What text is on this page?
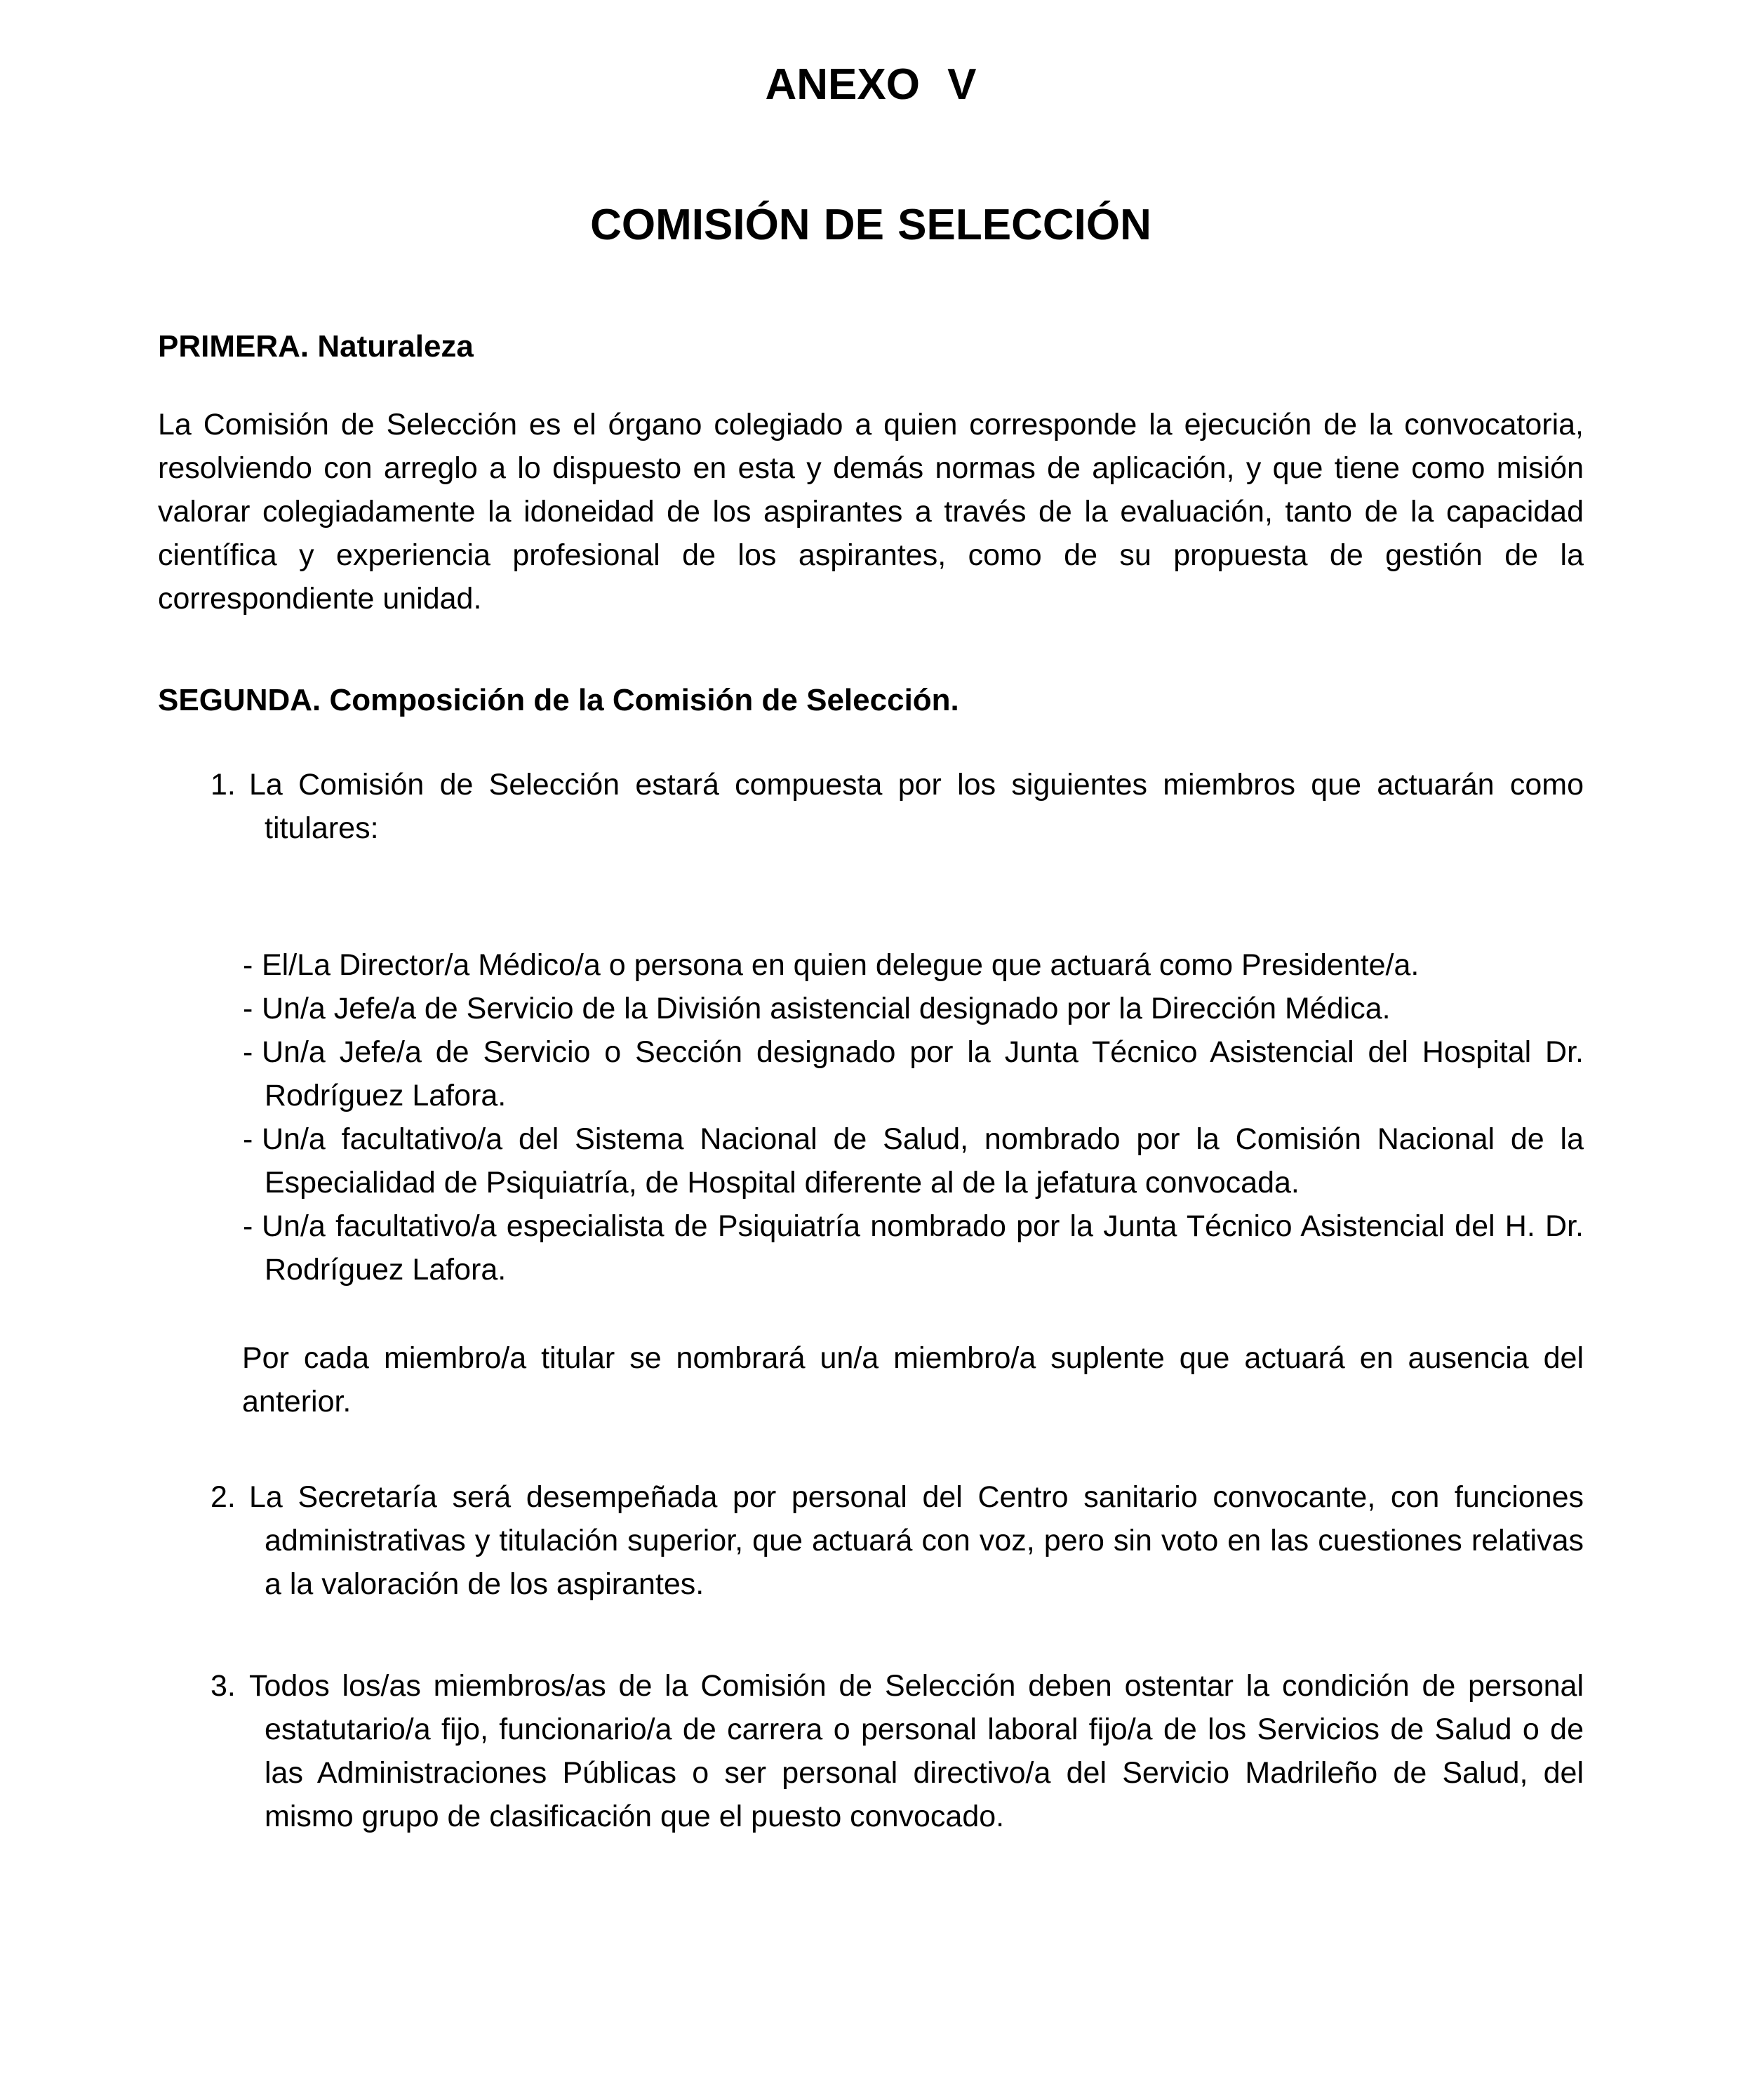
ANEXO V
COMISIÓN DE SELECCIÓN
PRIMERA. Naturaleza

La Comisión de Selección es el órgano colegiado a quien corresponde la ejecución de la convocatoria, resolviendo con arreglo a lo dispuesto en esta y demás normas de aplicación, y que tiene como misión valorar colegiadamente la idoneidad de los aspirantes a través de la evaluación, tanto de la capacidad científica y experiencia profesional de los aspirantes, como de su propuesta de gestión de la correspondiente unidad.

SEGUNDA. Composición de la Comisión de Selección.
1. La Comisión de Selección estará compuesta por los siguientes miembros que actuarán como titulares:
- El/La Director/a Médico/a o persona en quien delegue que actuará como Presidente/a.
- Un/a Jefe/a de Servicio de la División asistencial designado por la Dirección Médica.
- Un/a Jefe/a de Servicio o Sección designado por la Junta Técnico Asistencial del Hospital Dr. Rodríguez Lafora.
- Un/a facultativo/a del Sistema Nacional de Salud, nombrado por la Comisión Nacional de la Especialidad de Psiquiatría, de Hospital diferente al de la jefatura convocada.
- Un/a facultativo/a especialista de Psiquiatría nombrado por la Junta Técnico Asistencial del H. Dr. Rodríguez Lafora.

Por cada miembro/a titular se nombrará un/a miembro/a suplente que actuará en ausencia del anterior.

2. La Secretaría será desempeñada por personal del Centro sanitario convocante, con funciones administrativas y titulación superior, que actuará con voz, pero sin voto en las cuestiones relativas a la valoración de los aspirantes.
3. Todos los/as miembros/as de la Comisión de Selección deben ostentar la condición de personal estatutario/a fijo, funcionario/a de carrera o personal laboral fijo/a de los Servicios de Salud o de las Administraciones Públicas o ser personal directivo/a del Servicio Madrileño de Salud, del mismo grupo de clasificación que el puesto convocado.
